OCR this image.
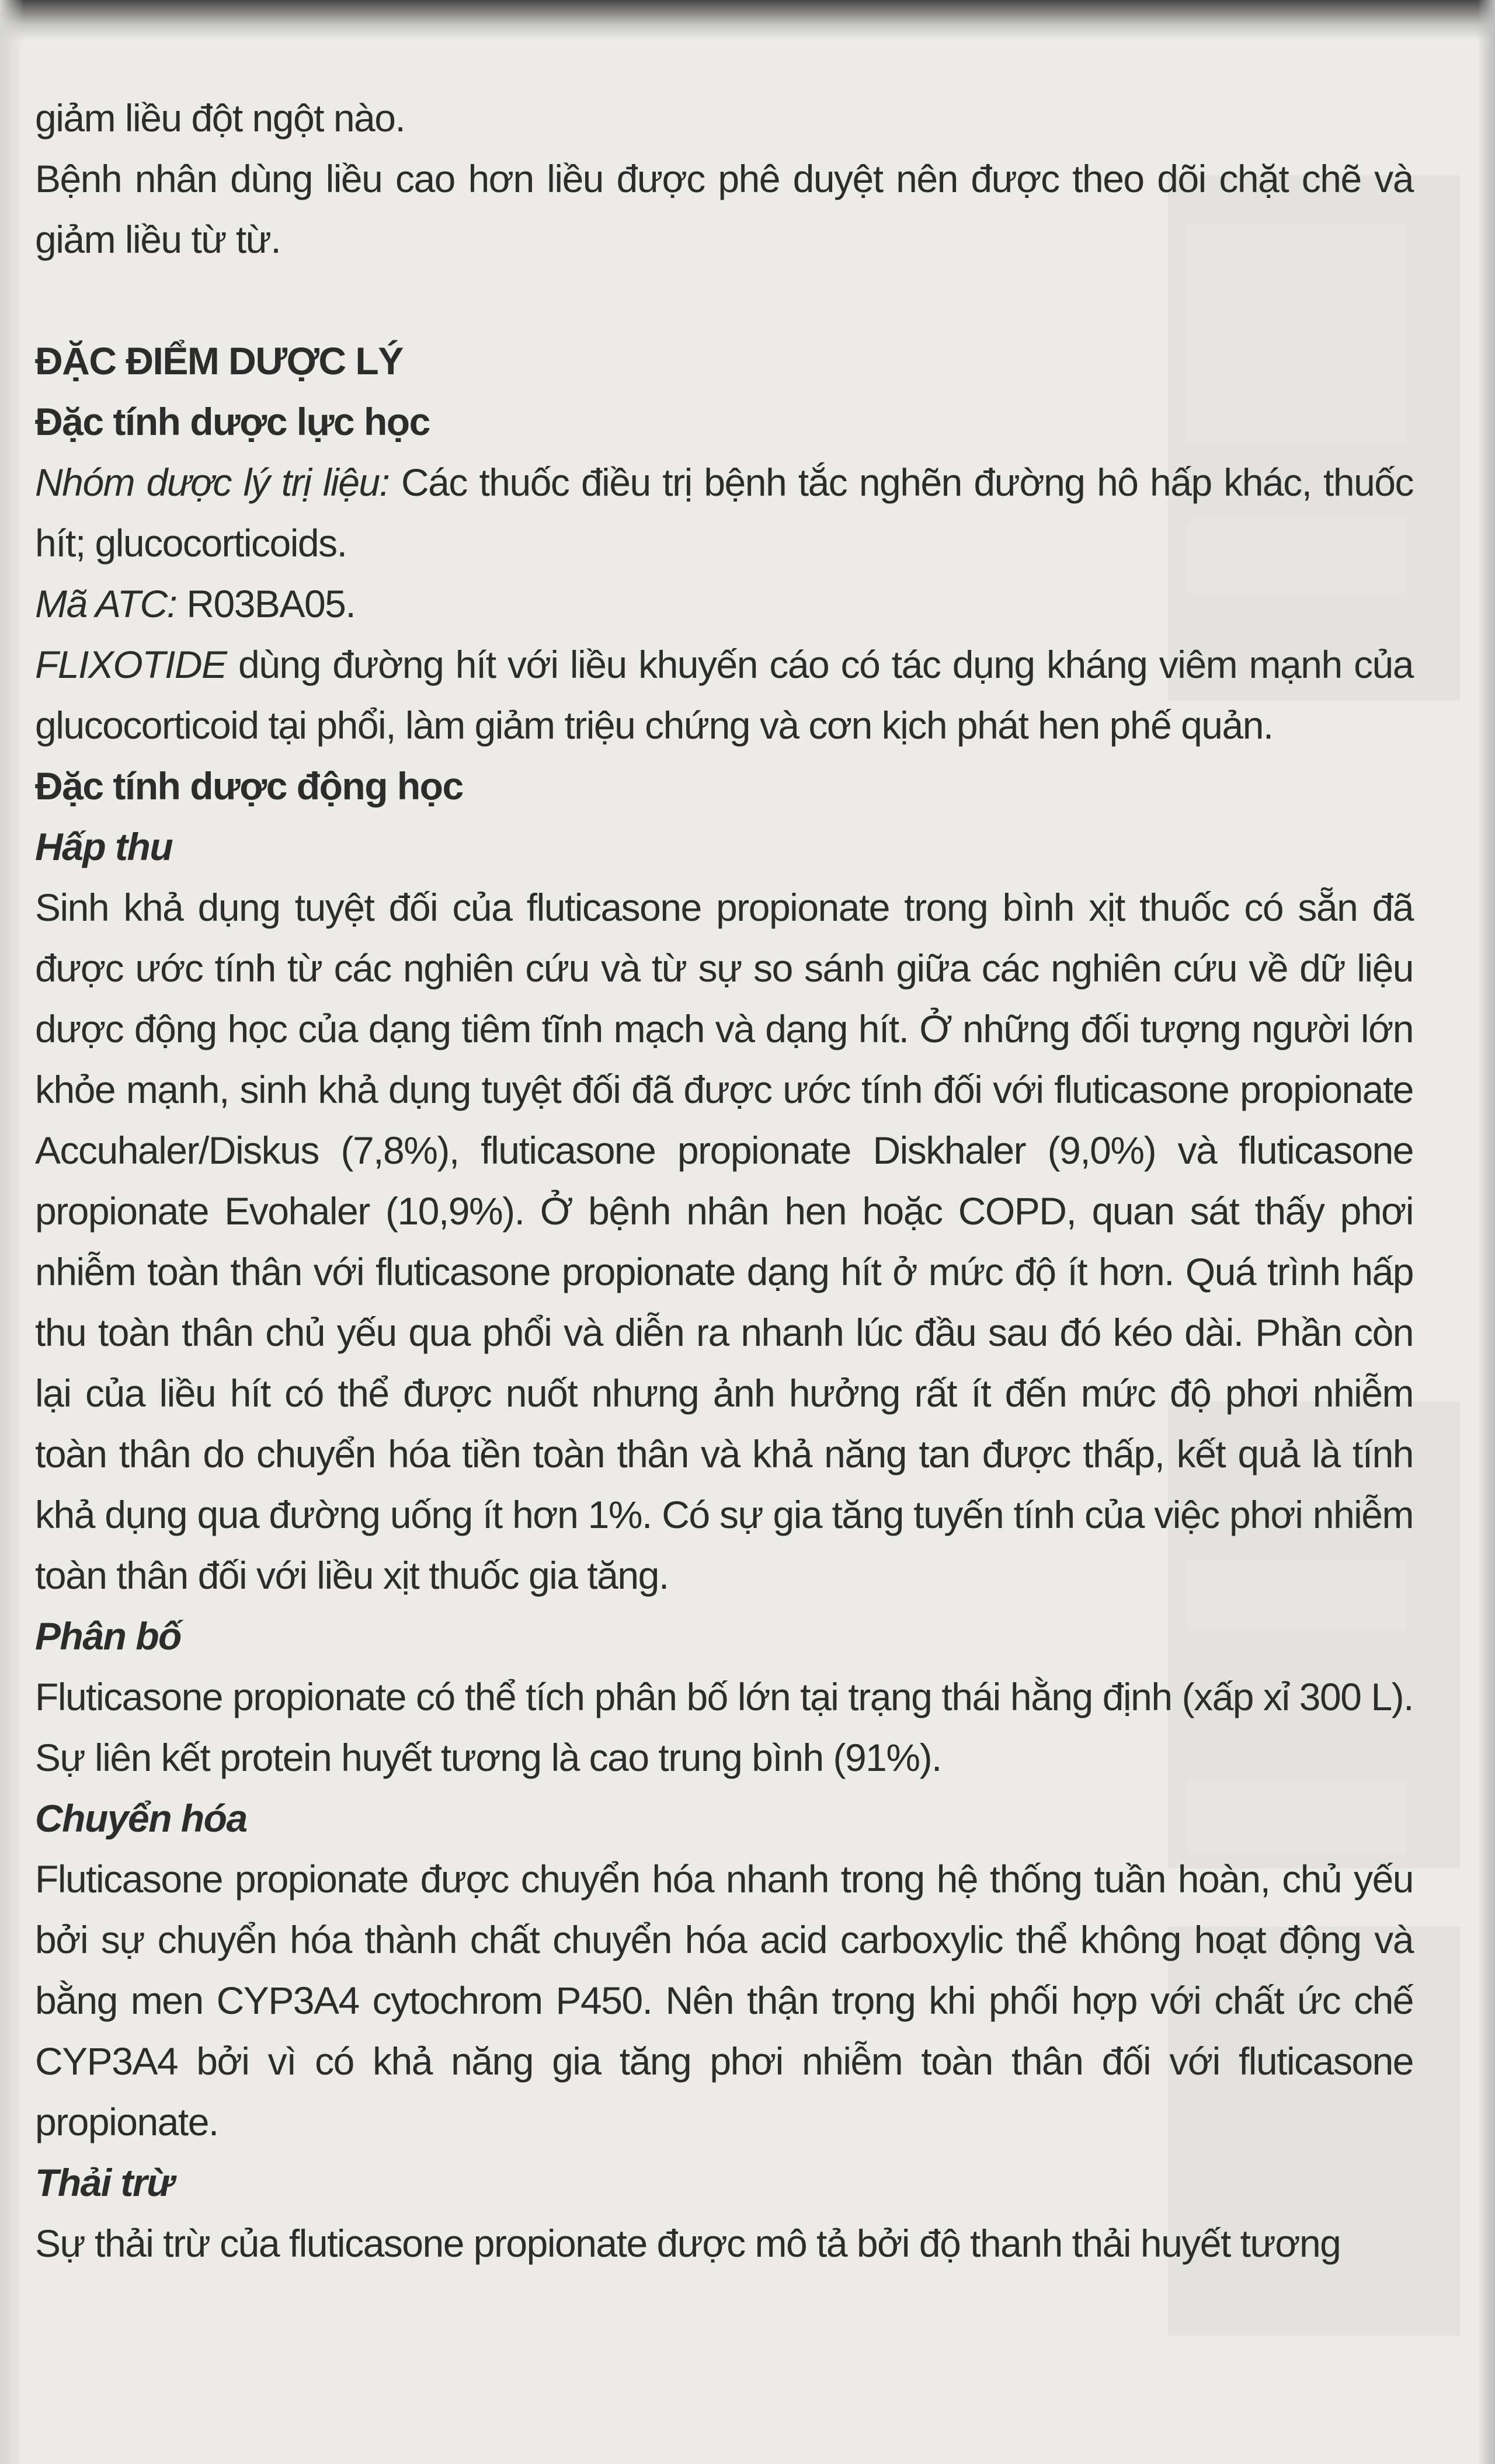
giảm liều đột ngột nào.

Bệnh nhân dùng liều cao hơn liều được phê duyệt nên được theo dõi chặt chẽ và giảm liều từ từ.

ĐẶC ĐIỂM DƯỢC LÝ
Đặc tính dược lực học

Nhóm dược lý trị liệu: Các thuốc điều trị bệnh tắc nghẽn đường hô hấp khác, thuốc hít; glucocorticoids.

Mã ATC: R03BA05.

FLIXOTIDE dùng đường hít với liều khuyến cáo có tác dụng kháng viêm mạnh của glucocorticoid tại phổi, làm giảm triệu chứng và cơn kịch phát hen phế quản.

Đặc tính dược động học
Hấp thu

Sinh khả dụng tuyệt đối của fluticasone propionate trong bình xịt thuốc có sẵn đã được ước tính từ các nghiên cứu và từ sự so sánh giữa các nghiên cứu về dữ liệu dược động học của dạng tiêm tĩnh mạch và dạng hít. Ở những đối tượng người lớn khỏe mạnh, sinh khả dụng tuyệt đối đã được ước tính đối với fluticasone propionate Accuhaler/Diskus (7,8%), fluticasone propionate Diskhaler (9,0%) và fluticasone propionate Evohaler (10,9%). Ở bệnh nhân hen hoặc COPD, quan sát thấy phơi nhiễm toàn thân với fluticasone propionate dạng hít ở mức độ ít hơn. Quá trình hấp thu toàn thân chủ yếu qua phổi và diễn ra nhanh lúc đầu sau đó kéo dài. Phần còn lại của liều hít có thể được nuốt nhưng ảnh hưởng rất ít đến mức độ phơi nhiễm toàn thân do chuyển hóa tiền toàn thân và khả năng tan được thấp, kết quả là tính khả dụng qua đường uống ít hơn 1%. Có sự gia tăng tuyến tính của việc phơi nhiễm toàn thân đối với liều xịt thuốc gia tăng.

Phân bố

Fluticasone propionate có thể tích phân bố lớn tại trạng thái hằng định (xấp xỉ 300 L). Sự liên kết protein huyết tương là cao trung bình (91%).

Chuyển hóa

Fluticasone propionate được chuyển hóa nhanh trong hệ thống tuần hoàn, chủ yếu bởi sự chuyển hóa thành chất chuyển hóa acid carboxylic thể không hoạt động và bằng men CYP3A4 cytochrom P450. Nên thận trọng khi phối hợp với chất ức chế CYP3A4 bởi vì có khả năng gia tăng phơi nhiễm toàn thân đối với fluticasone propionate.

Thải trừ

Sự thải trừ của fluticasone propionate được mô tả bởi độ thanh thải huyết tương
